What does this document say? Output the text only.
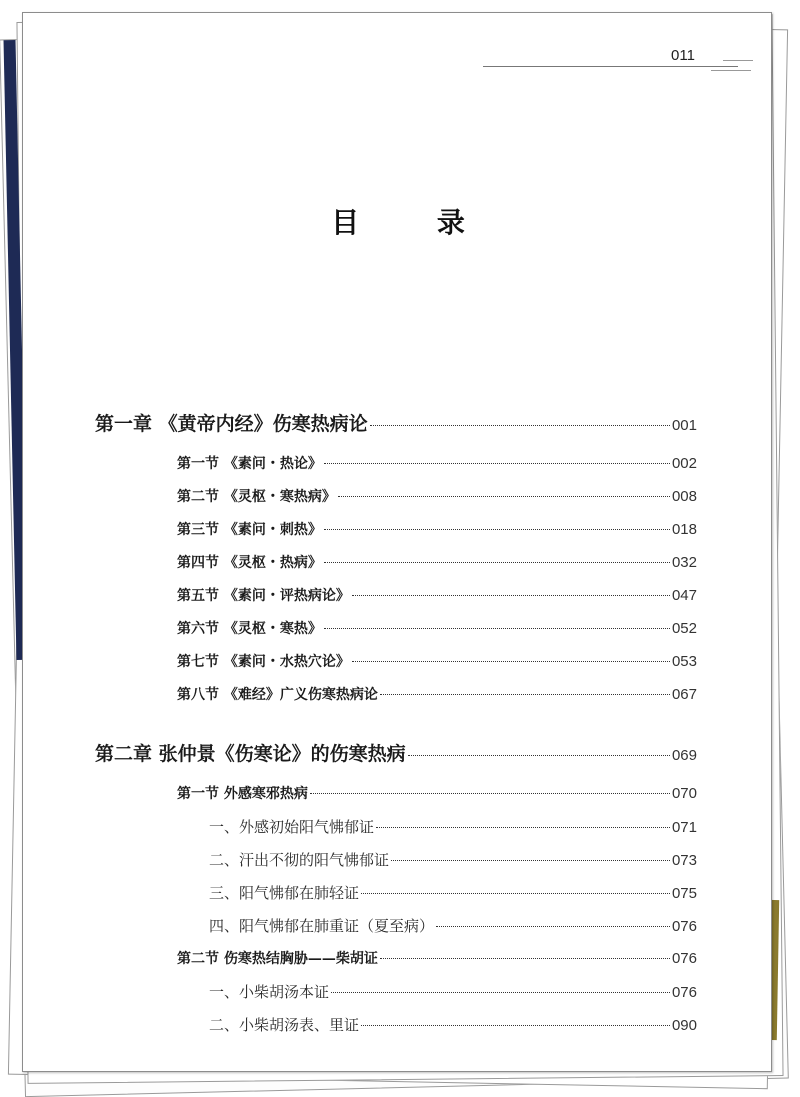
011
目 录
第一章 《黄帝内经》伤寒热病论	001
第一节 《素问・热论》	002
第二节 《灵枢・寒热病》	008
第三节 《素问・刺热》	018
第四节 《灵枢・热病》	032
第五节 《素问・评热病论》	047
第六节 《灵枢・寒热》	052
第七节 《素问・水热穴论》	053
第八节 《难经》广义伤寒热病论	067
第二章 张仲景《伤寒论》的伤寒热病	069
第一节 外感寒邪热病	070
一、外感初始阳气怫郁证	071
二、汗出不彻的阳气怫郁证	073
三、阳气怫郁在肺轻证	075
四、阳气怫郁在肺重证（夏至病）	076
第二节 伤寒热结胸胁——柴胡证	076
一、小柴胡汤本证	076
二、小柴胡汤表、里证	090
